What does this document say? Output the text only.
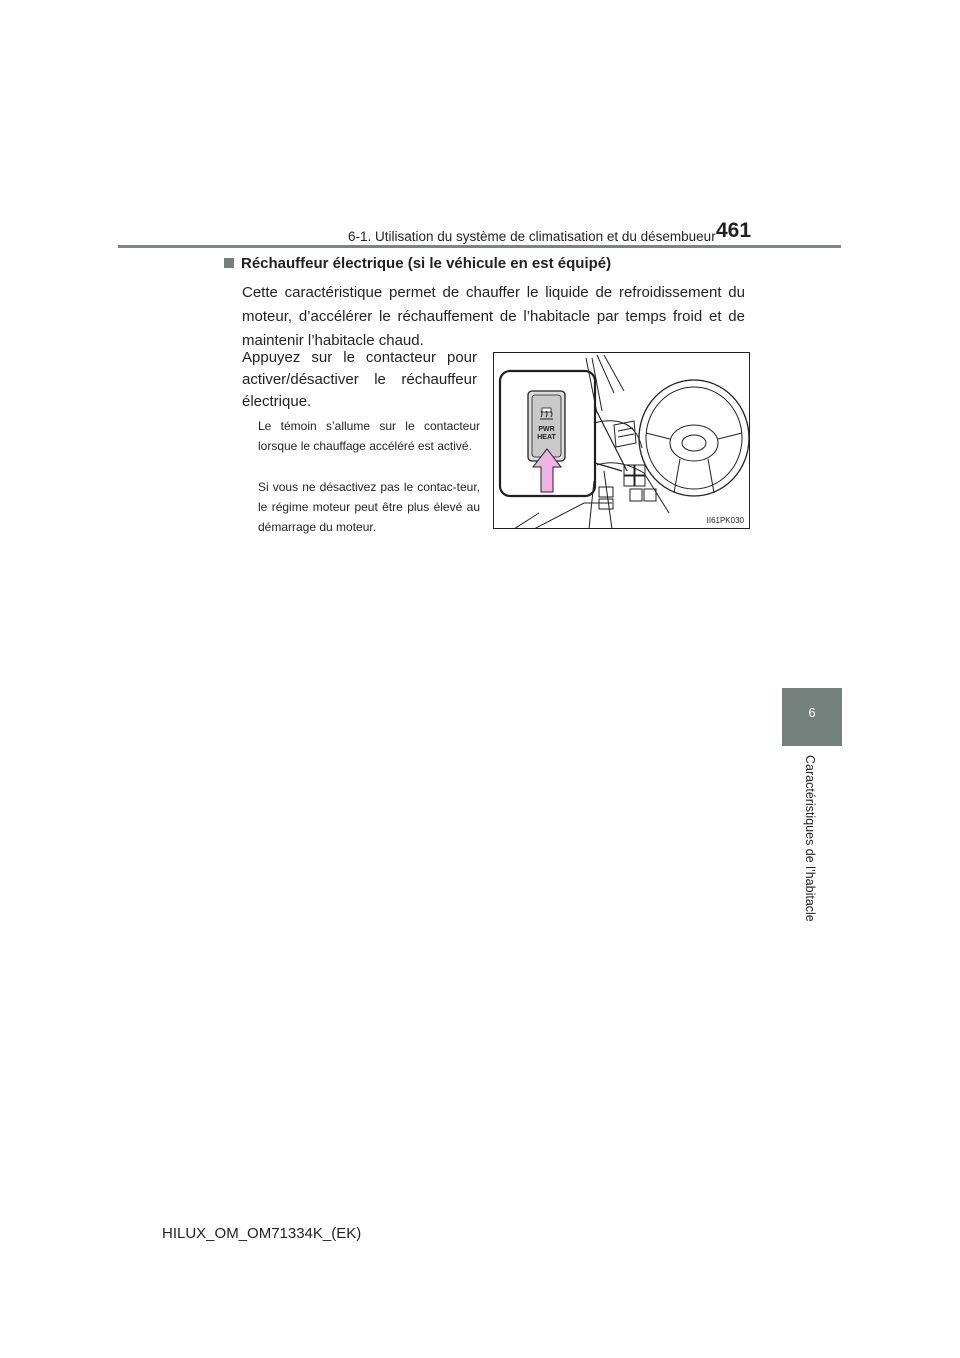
6-1. Utilisation du système de climatisation et du désembueur 461
6
Caractéristiques de l’habitacle
Réchauffeur électrique (si le véhicule en est équipé)

Cette caractéristique permet de chauffer le liquide de refroidissement du moteur, d’accélérer le réchauffement de l’habitacle par temps froid et de maintenir l’habitacle chaud.

Appuyez sur le contacteur pour activer/désactiver le réchauffeur électrique.

Le témoin s’allume sur le contacteur lorsque le chauffage accéléré est activé.

Si vous ne désactivez pas le contac-teur, le régime moteur peut être plus élevé au démarrage du moteur.

PWR
HEAT
II61PK030
HILUX_OM_OM71334K_(EK)
